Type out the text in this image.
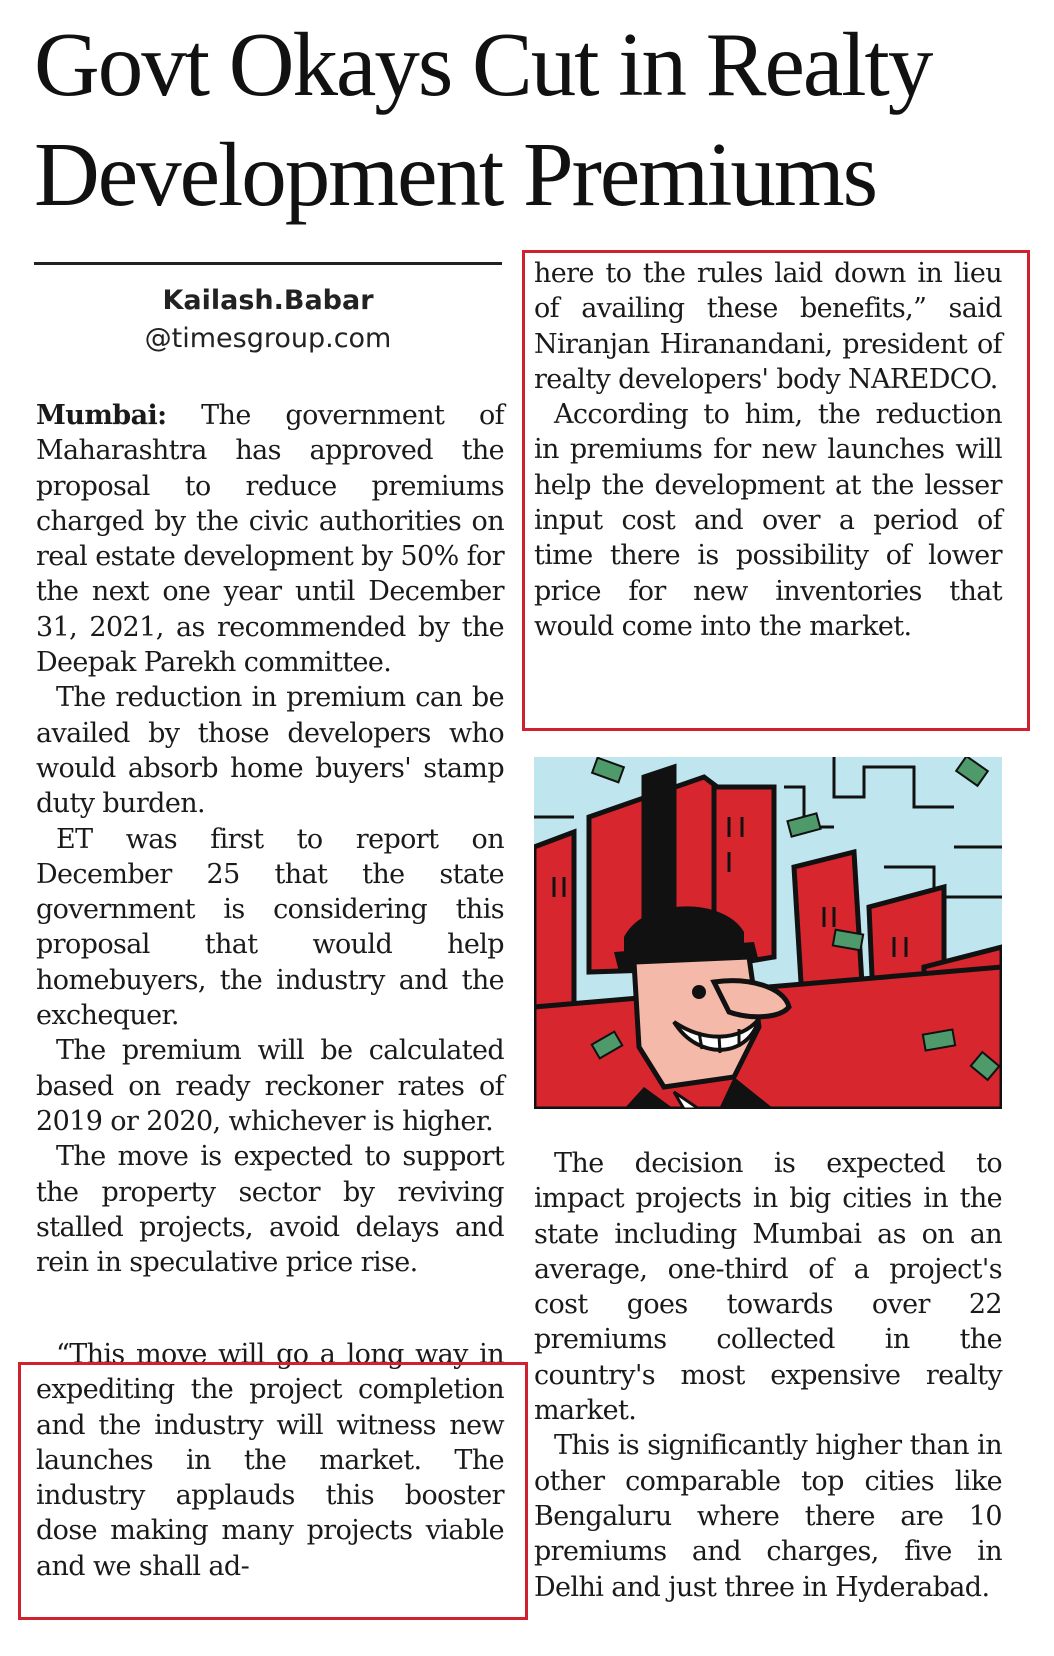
Govt Okays Cut in Realty Development Premiums
Kailash.Babar
@timesgroup.com

Mumbai: The government of Maharashtra has approved the proposal to reduce premiums charged by the civic authorities on real estate development by 50% for the next one year until December 31, 2021, as recommended by the Deepak Parekh committee.

The reduction in premium can be availed by those developers who would absorb home buyers' stamp duty burden.

ET was first to report on December 25 that the state government is considering this proposal that would help homebuyers, the industry and the exchequer.

The premium will be calculated based on ready reckoner rates of 2019 or 2020, whichever is higher.

The move is expected to support the property sector by reviving stalled projects, avoid delays and rein in speculative price rise.

“This move will go a long way in expediting the project completion and the industry will witness new launches in the market. The industry applauds this booster dose making many projects viable and we shall ad-

here to the rules laid down in lieu of availing these benefits,” said Niranjan Hiranandani, president of realty developers' body NAREDCO.

According to him, the reduction in premiums for new launches will help the development at the lesser input cost and over a period of time there is possibility of lower price for new inventories that would come into the market.

The decision is expected to impact projects in big cities in the state including Mumbai as on an average, one-third of a project's cost goes towards over 22 premiums collected in the country's most expensive realty market.

This is significantly higher than in other comparable top cities like Bengaluru where there are 10 premiums and charges, five in Delhi and just three in Hyderabad.
